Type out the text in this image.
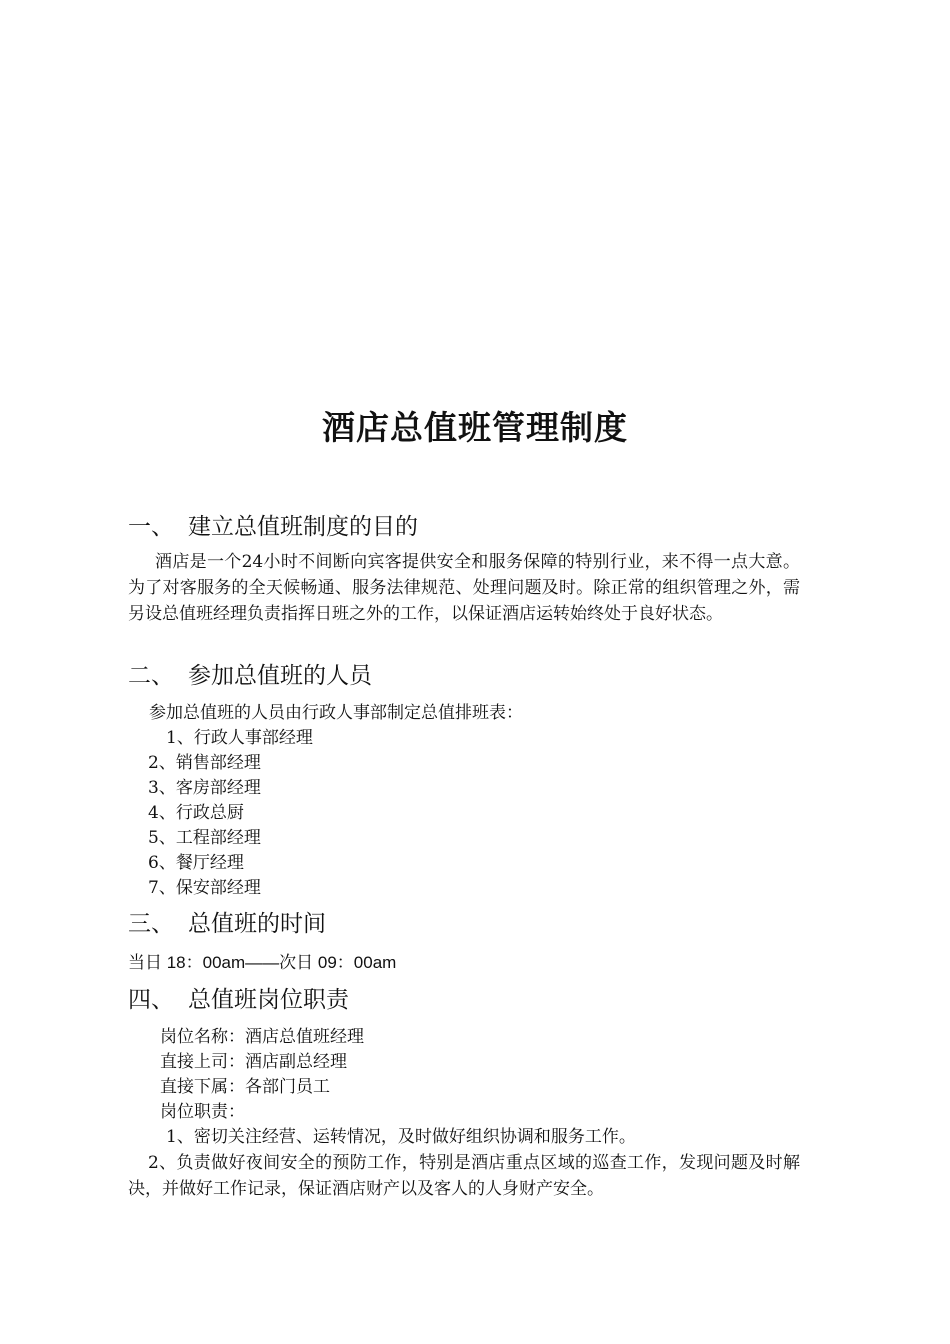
酒店总值班管理制度
一、 建立总值班制度的目的
酒店是一个24小时不间断向宾客提供安全和服务保障的特别行业，来不得一点大意。为了对客服务的全天候畅通、服务法律规范、处理问题及时。除正常的组织管理之外，需另设总值班经理负责指挥日班之外的工作，以保证酒店运转始终处于良好状态。
二、 参加总值班的人员
参加总值班的人员由行政人事部制定总值排班表：
1、行政人事部经理
2、销售部经理
3、客房部经理
4、行政总厨
5、工程部经理
6、餐厅经理
7、保安部经理
三、 总值班的时间
当日 18：00am——次日 09：00am
四、 总值班岗位职责
岗位名称：酒店总值班经理
直接上司：酒店副总经理
直接下属：各部门员工
岗位职责：
1、密切关注经营、运转情况，及时做好组织协调和服务工作。
2、负责做好夜间安全的预防工作，特别是酒店重点区域的巡查工作，发现问题及时解决，并做好工作记录，保证酒店财产以及客人的人身财产安全。
